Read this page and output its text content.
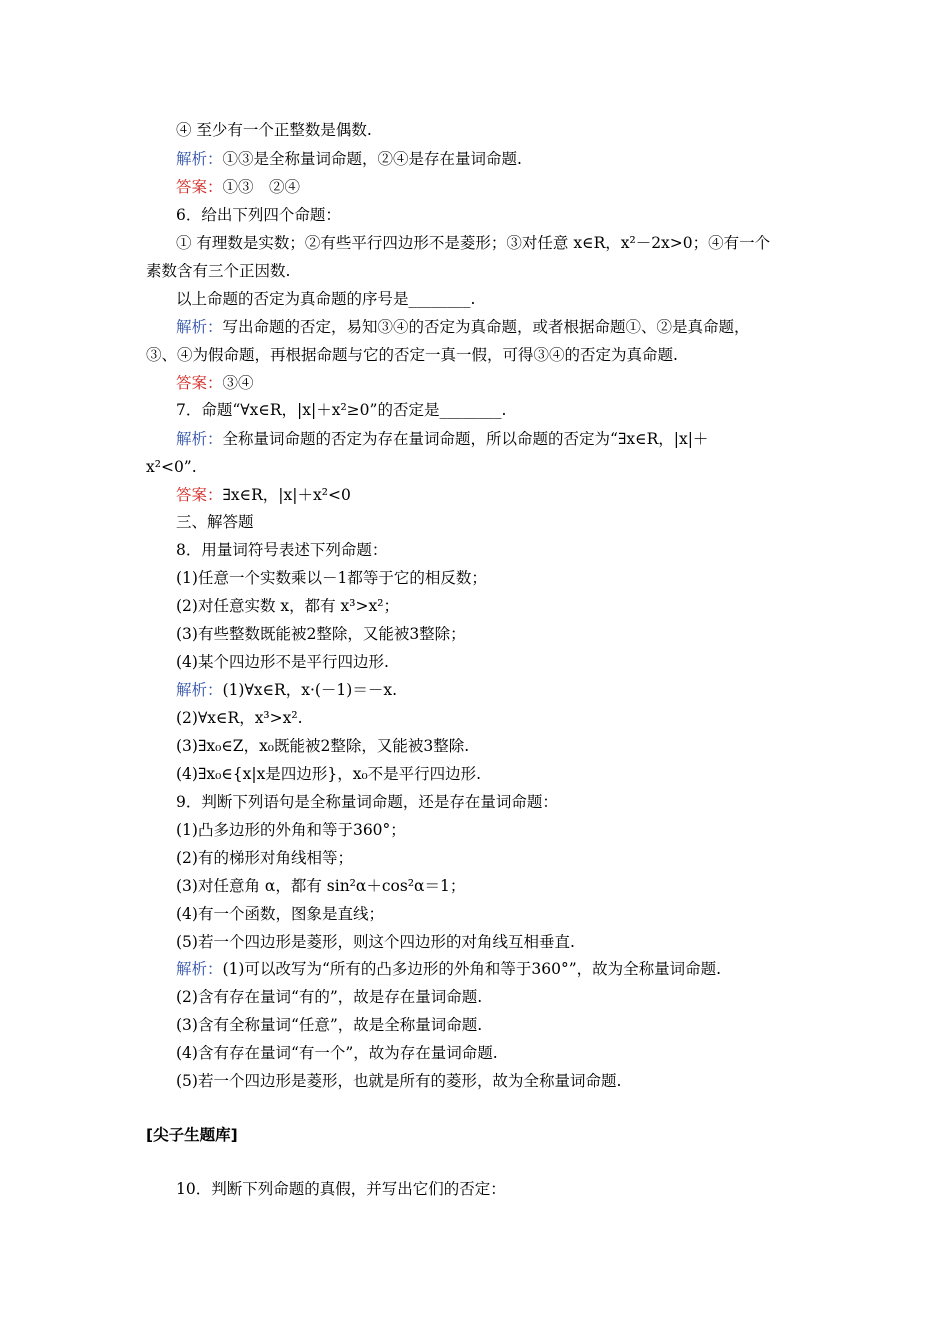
④ 至少有一个正整数是偶数.
解析：①③是全称量词命题，②④是存在量词命题.
答案：①③　②④
6．给出下列四个命题：
① 有理数是实数；②有些平行四边形不是菱形；③对任意 x∈R，x²－2x>0；④有一个
素数含有三个正因数.
以上命题的否定为真命题的序号是________.
解析：写出命题的否定，易知③④的否定为真命题，或者根据命题①、②是真命题，
③、④为假命题，再根据命题与它的否定一真一假，可得③④的否定为真命题.
答案：③④
7．命题“∀x∈R，|x|＋x²≥0”的否定是________.
解析：全称量词命题的否定为存在量词命题，所以命题的否定为“∃x∈R，|x|＋
x²<0”.
答案：∃x∈R，|x|＋x²<0
三、解答题
8．用量词符号表述下列命题：
(1)任意一个实数乘以－1都等于它的相反数；
(2)对任意实数 x，都有 x³>x²；
(3)有些整数既能被2整除，又能被3整除；
(4)某个四边形不是平行四边形.
解析：(1)∀x∈R，x·(－1)＝－x.
(2)∀x∈R，x³>x².
(3)∃x₀∈Z，x₀既能被2整除，又能被3整除.
(4)∃x₀∈{x|x是四边形}，x₀不是平行四边形.
9．判断下列语句是全称量词命题，还是存在量词命题：
(1)凸多边形的外角和等于360°；
(2)有的梯形对角线相等；
(3)对任意角 α，都有 sin²α＋cos²α＝1；
(4)有一个函数，图象是直线；
(5)若一个四边形是菱形，则这个四边形的对角线互相垂直.
解析：(1)可以改写为“所有的凸多边形的外角和等于360°”，故为全称量词命题.
(2)含有存在量词“有的”，故是存在量词命题.
(3)含有全称量词“任意”，故是全称量词命题.
(4)含有存在量词“有一个”，故为存在量词命题.
(5)若一个四边形是菱形，也就是所有的菱形，故为全称量词命题.
[尖子生题库]
10．判断下列命题的真假，并写出它们的否定：
